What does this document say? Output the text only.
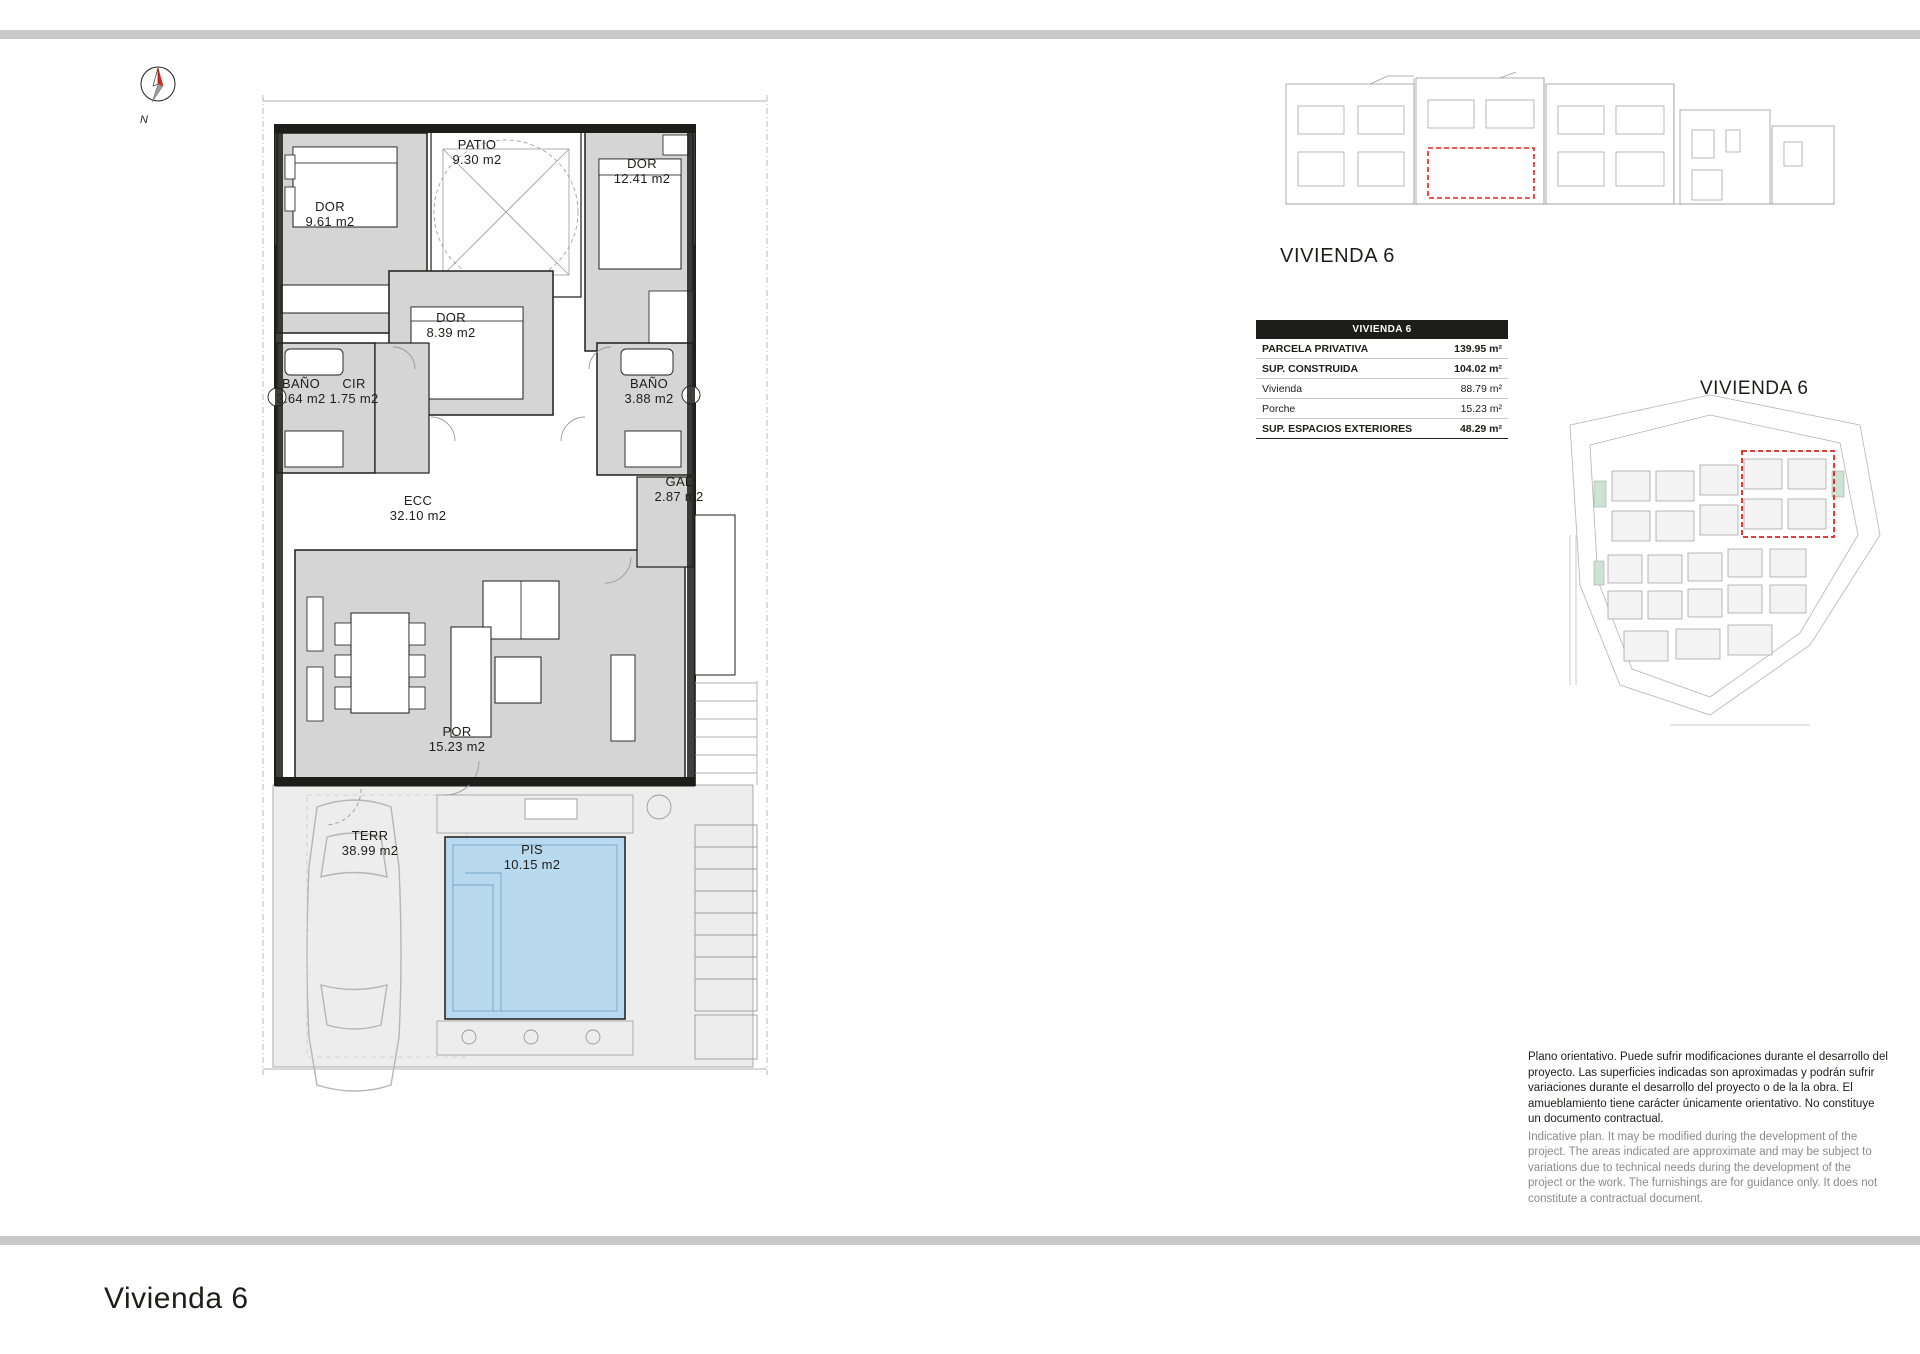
N
PATIO
9.30 m2	DOR
12.41 m2
DOR
9.61 m2
DOR
8.39 m2
BAÑO
3.64 m2
CIR
1.75 m2
BAÑO
3.88 m2
GAL
2.87 m2
ECC
32.10 m2
POR
15.23 m2
TERR
38.99 m2	PIS
10.15 m2
VIVIENDA 6
VIVIENDA 6	
PARCELA PRIVATIVA	139.95 m²
SUP. CONSTRUIDA	104.02 m²
Vivienda	88.79 m²
Porche	15.23 m²
SUP. ESPACIOS EXTERIORES	48.29 m²
VIVIENDA 6

Plano orientativo. Puede sufrir modificaciones durante el desarrollo del proyecto. Las superficies indicadas son aproximadas y podrán sufrir variaciones durante el desarrollo del proyecto o de la la obra. El amueblamiento tiene carácter únicamente orientativo. No constituye un documento contractual.

Indicative plan. It may be modified during the development of the project. The areas indicated are approximate and may be subject to variations due to technical needs during the development of the project or the work. The furnishings are for guidance only. It does not constitute a contractual document.

Vivienda 6
